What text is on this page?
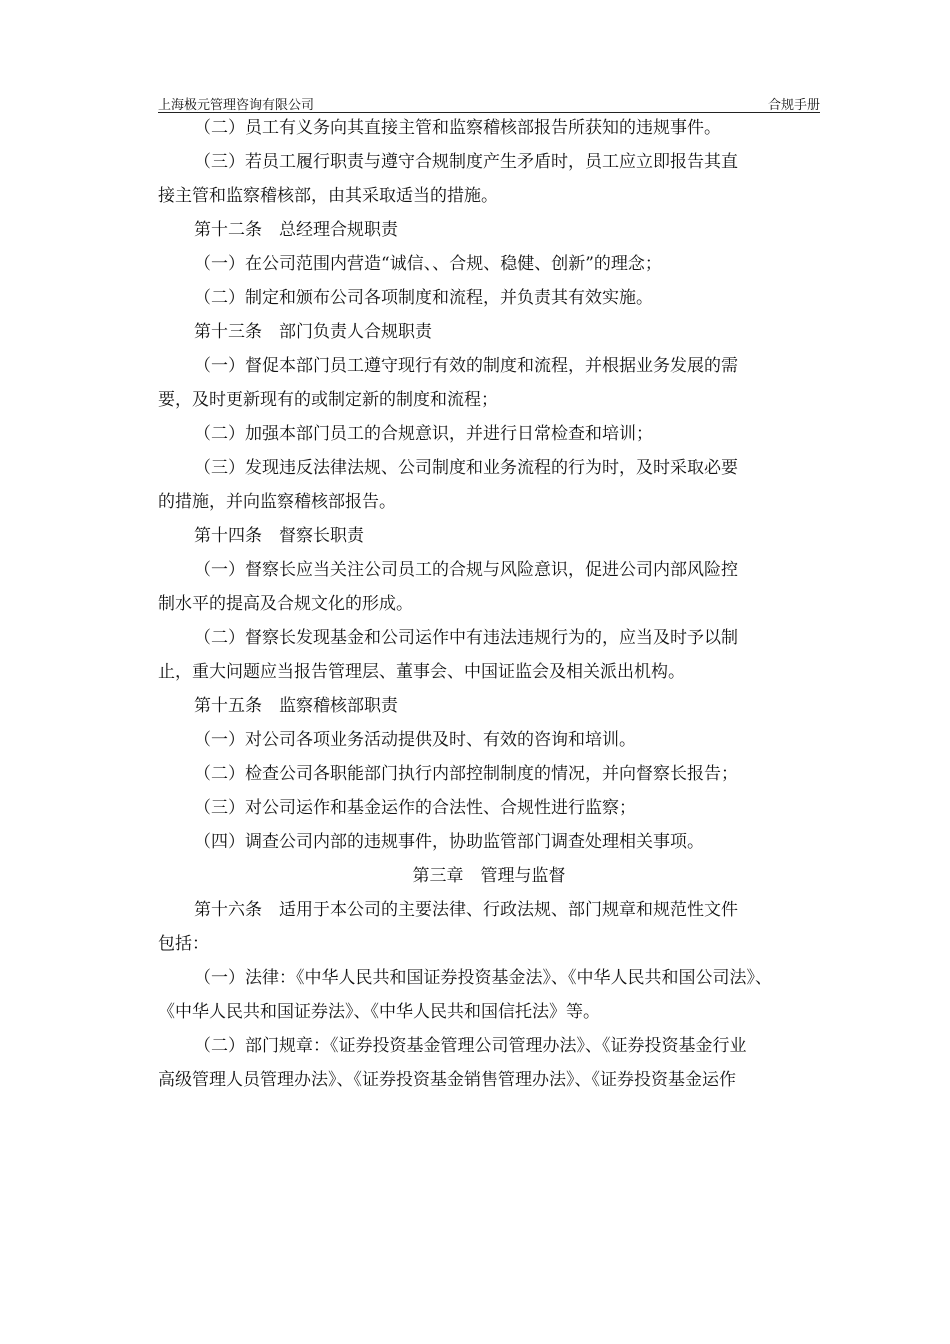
上海极元管理咨询有限公司	合规手册

（二）员工有义务向其直接主管和监察稽核部报告所获知的违规事件。

（三）若员工履行职责与遵守合规制度产生矛盾时，员工应立即报告其直

接主管和监察稽核部，由其采取适当的措施。

第十二条　总经理合规职责

（一）在公司范围内营造“诚信、、合规、稳健、创新”的理念；

（二）制定和颁布公司各项制度和流程，并负责其有效实施。

第十三条　部门负责人合规职责

（一）督促本部门员工遵守现行有效的制度和流程，并根据业务发展的需

要，及时更新现有的或制定新的制度和流程；

（二）加强本部门员工的合规意识，并进行日常检查和培训；

（三）发现违反法律法规、公司制度和业务流程的行为时，及时采取必要

的措施，并向监察稽核部报告。

第十四条　督察长职责

（一）督察长应当关注公司员工的合规与风险意识，促进公司内部风险控

制水平的提高及合规文化的形成。

（二）督察长发现基金和公司运作中有违法违规行为的，应当及时予以制

止，重大问题应当报告管理层、董事会、中国证监会及相关派出机构。

第十五条　监察稽核部职责

（一）对公司各项业务活动提供及时、有效的咨询和培训。

（二）检查公司各职能部门执行内部控制制度的情况，并向督察长报告；

（三）对公司运作和基金运作的合法性、合规性进行监察；

（四）调查公司内部的违规事件，协助监管部门调查处理相关事项。

第三章　管理与监督

第十六条　适用于本公司的主要法律、行政法规、部门规章和规范性文件

包括：

（一）法律：《中华人民共和国证券投资基金法》、《中华人民共和国公司法》、

《中华人民共和国证券法》、《中华人民共和国信托法》等。

（二）部门规章：《证券投资基金管理公司管理办法》、《证券投资基金行业

高级管理人员管理办法》、《证券投资基金销售管理办法》、《证券投资基金运作
